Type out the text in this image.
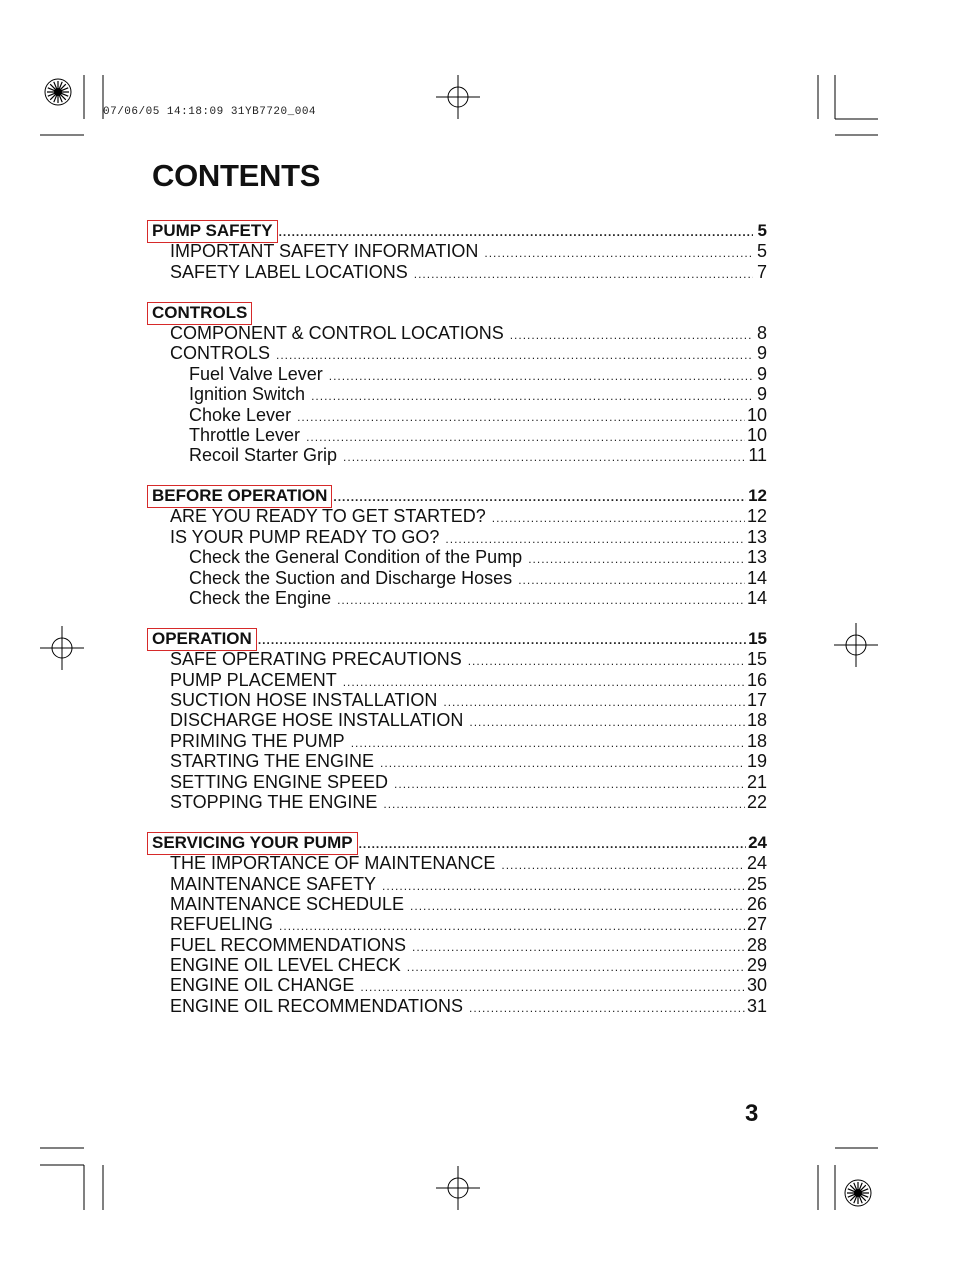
07/06/05 14:18:09 31YB7720_004
CONTENTS
PUMP SAFETY .....	5
IMPORTANT SAFETY INFORMATION .....	5
SAFETY LABEL LOCATIONS .....	7
CONTROLS
COMPONENT & CONTROL LOCATIONS .....	8
CONTROLS .....	9
Fuel Valve Lever .....	9
Ignition Switch .....	9
Choke Lever .....	10
Throttle Lever .....	10
Recoil Starter Grip .....	11
BEFORE OPERATION .....	12
ARE YOU READY TO GET STARTED? .....	12
IS YOUR PUMP READY TO GO? .....	13
Check the General Condition of the Pump .....	13
Check the Suction and Discharge Hoses .....	14
Check the Engine .....	14
OPERATION .....	15
SAFE OPERATING PRECAUTIONS .....	15
PUMP PLACEMENT .....	16
SUCTION HOSE INSTALLATION .....	17
DISCHARGE HOSE INSTALLATION .....	18
PRIMING THE PUMP .....	18
STARTING THE ENGINE .....	19
SETTING ENGINE SPEED .....	21
STOPPING THE ENGINE .....	22
SERVICING YOUR PUMP .....	24
THE IMPORTANCE OF MAINTENANCE .....	24
MAINTENANCE SAFETY .....	25
MAINTENANCE SCHEDULE .....	26
REFUELING .....	27
FUEL RECOMMENDATIONS .....	28
ENGINE OIL LEVEL CHECK .....	29
ENGINE OIL CHANGE .....	30
ENGINE OIL RECOMMENDATIONS .....	31
3
